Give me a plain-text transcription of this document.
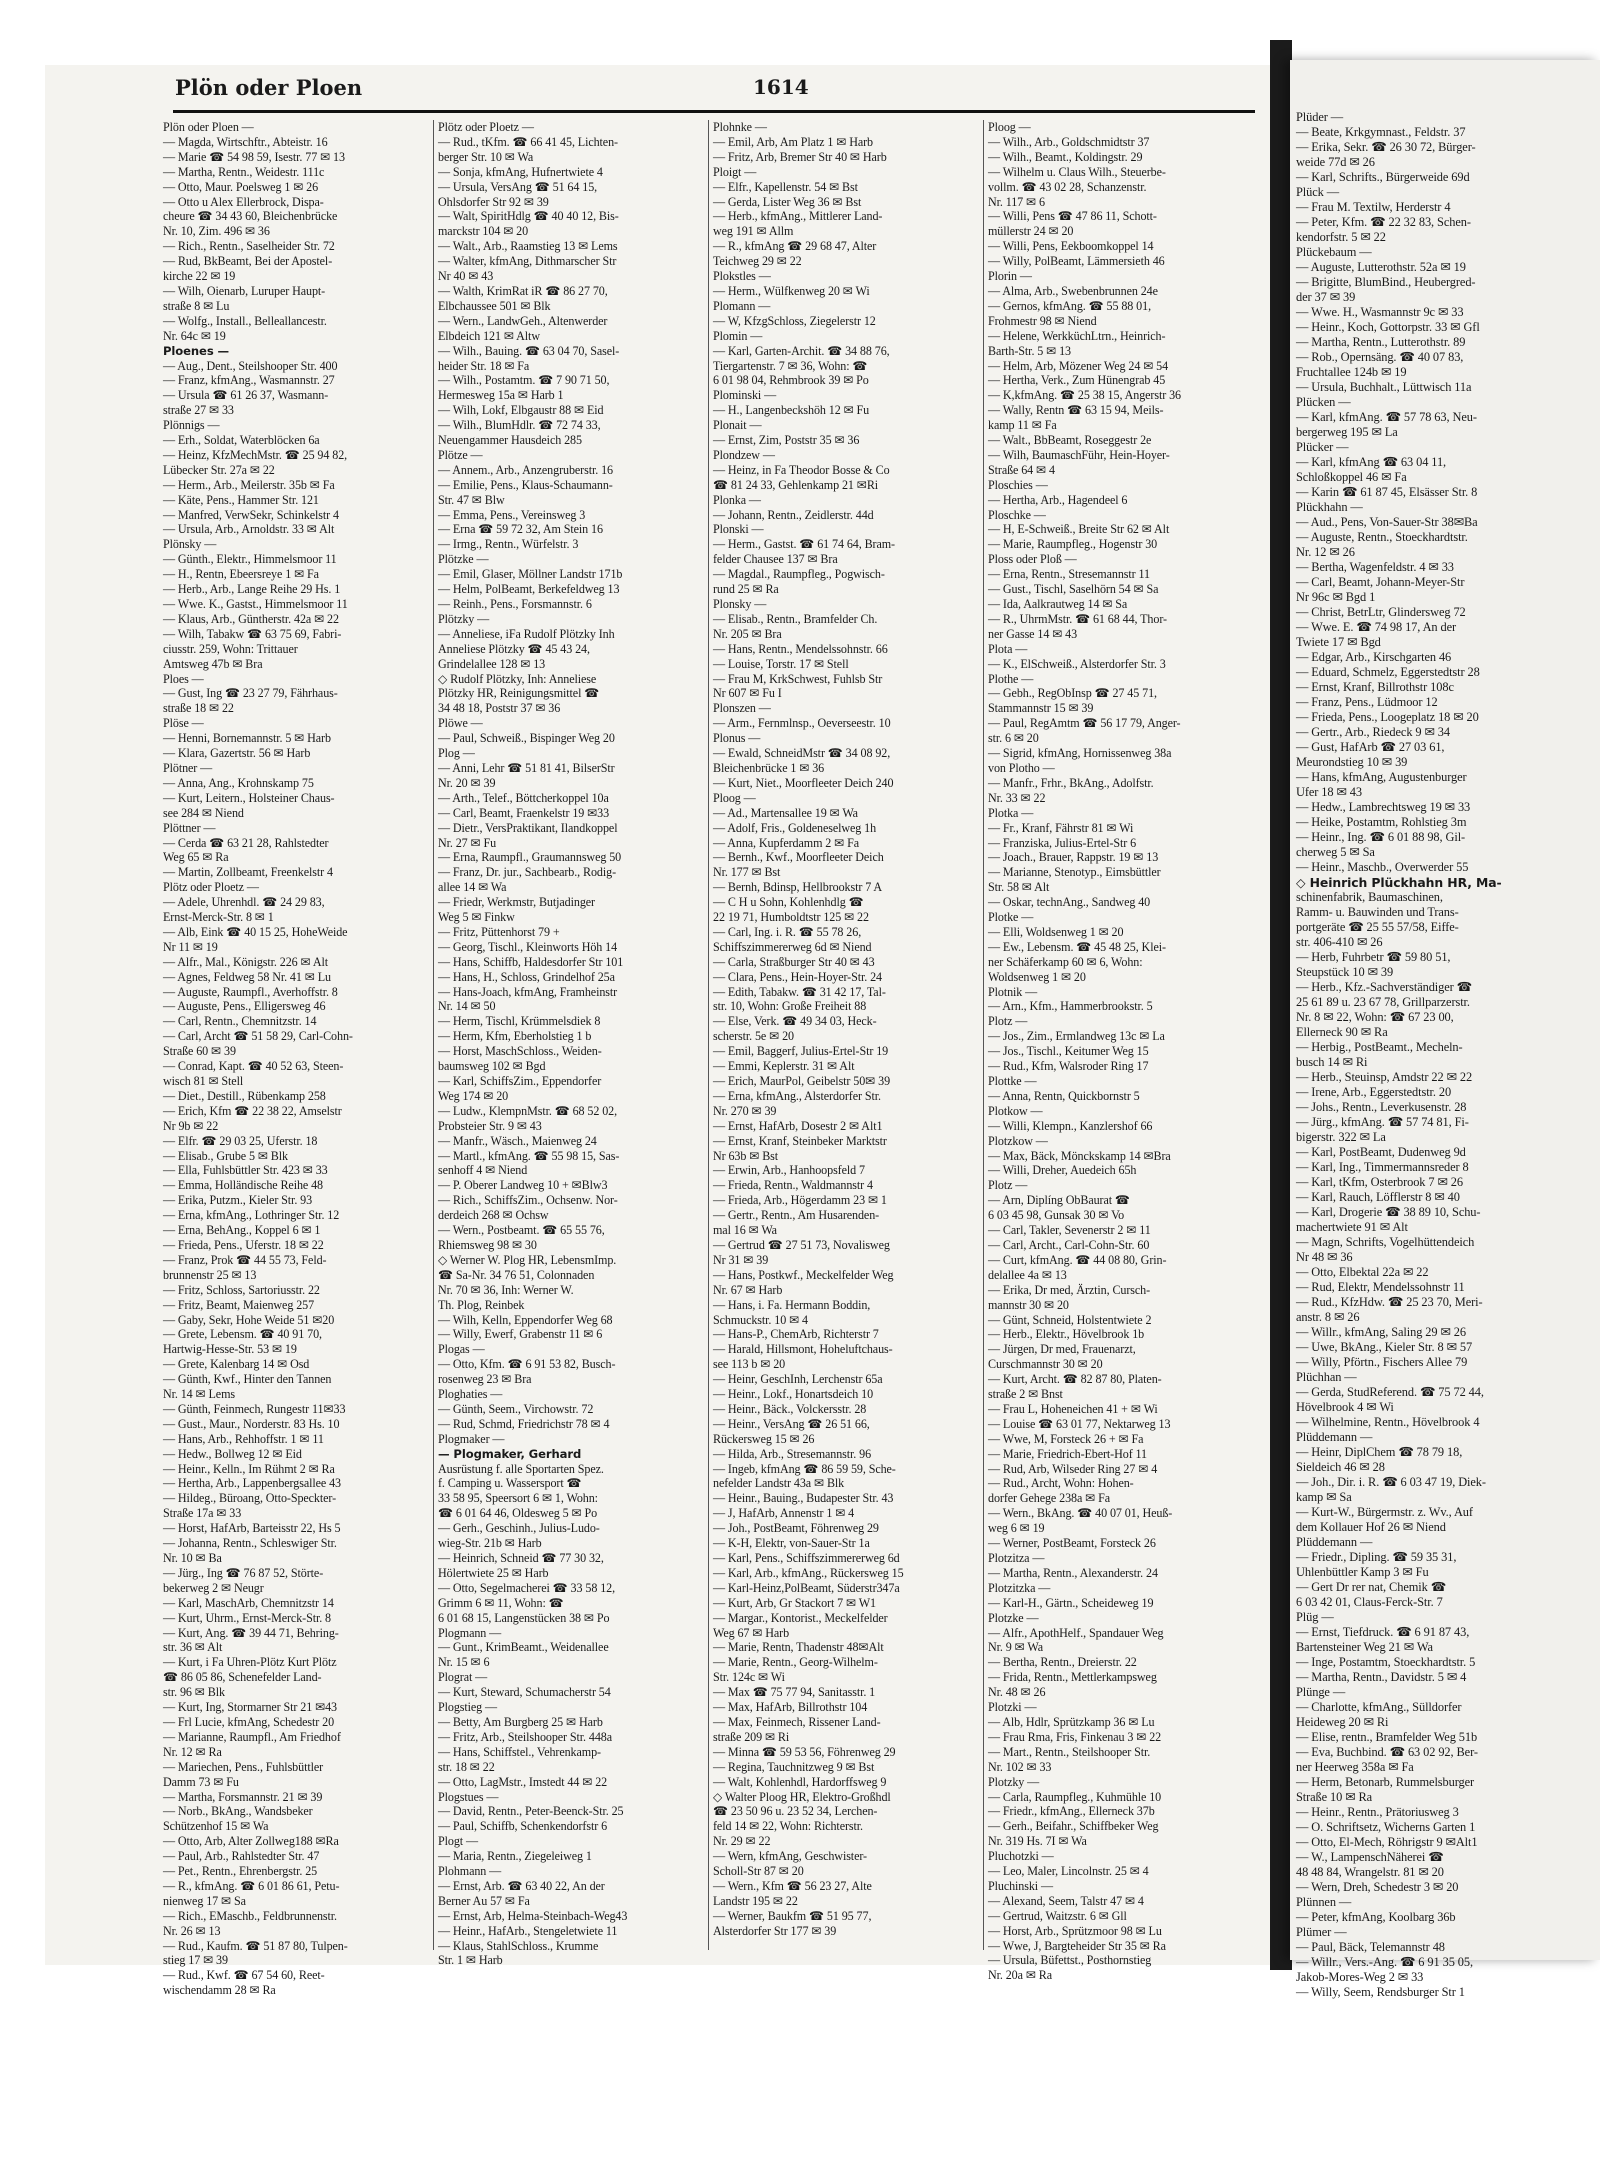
Plön oder Ploen	1614
Plön oder Ploen —
— Magda, Wirtschftr., Abteistr. 16
— Marie ☎ 54 98 59, Isestr. 77 ✉ 13
— Martha, Rentn., Weidestr. 111c
— Otto, Maur. Poelsweg 1 ✉ 26
— Otto u Alex Ellerbrock, Dispa-
cheure ☎ 34 43 60, Bleichenbrücke
Nr. 10, Zim. 496 ✉ 36
— Rich., Rentn., Saselheider Str. 72
— Rud, BkBeamt, Bei der Apostel-
kirche 22 ✉ 19
— Wilh, Oienarb, Luruper Haupt-
straße 8 ✉ Lu
— Wolfg., Install., Belleallancestr.
Nr. 64c ✉ 19
Ploenes —
— Aug., Dent., Steilshooper Str. 400
— Franz, kfmAng., Wasmannstr. 27
— Ursula ☎ 61 26 37, Wasmann-
straße 27 ✉ 33
Plönnigs —
— Erh., Soldat, Waterblöcken 6a
— Heinz, KfzMechMstr. ☎ 25 94 82,
Lübecker Str. 27a ✉ 22
— Herm., Arb., Meilerstr. 35b ✉ Fa
— Käte, Pens., Hammer Str. 121
— Manfred, VerwSekr, Schinkelstr 4
— Ursula, Arb., Arnoldstr. 33 ✉ Alt
Plönsky —
— Günth., Elektr., Himmelsmoor 11
— H., Rentn, Ebeersreye 1 ✉ Fa
— Herb., Arb., Lange Reihe 29 Hs. 1
— Wwe. K., Gastst., Himmelsmoor 11
— Klaus, Arb., Güntherstr. 42a ✉ 22
— Wilh, Tabakw ☎ 63 75 69, Fabri-
ciusstr. 259, Wohn: Trittauer
Amtsweg 47b ✉ Bra
Ploes —
— Gust, Ing ☎ 23 27 79, Fährhaus-
straße 18 ✉ 22
Plöse —
— Henni, Bornemannstr. 5 ✉ Harb
— Klara, Gazertstr. 56 ✉ Harb
Plötner —
— Anna, Ang., Krohnskamp 75
— Kurt, Leitern., Holsteiner Chaus-
see 284 ✉ Niend
Plöttner —
— Cerda ☎ 63 21 28, Rahlstedter
Weg 65 ✉ Ra
— Martin, Zollbeamt, Freenkelstr 4
Plötz oder Ploetz —
— Adele, Uhrenhdl. ☎ 24 29 83,
Ernst-Merck-Str. 8 ✉ 1
— Alb, Eink ☎ 40 15 25, HoheWeide
Nr 11 ✉ 19
— Alfr., Mal., Königstr. 226 ✉ Alt
— Agnes, Feldweg 58 Nr. 41 ✉ Lu
— Auguste, Raumpfl., Averhoffstr. 8
— Auguste, Pens., Elligersweg 46
— Carl, Rentn., Chemnitzstr. 14
— Carl, Archt ☎ 51 58 29, Carl-Cohn-
Straße 60 ✉ 39
— Conrad, Kapt. ☎ 40 52 63, Steen-
wisch 81 ✉ Stell
— Diet., Destill., Rübenkamp 258
— Erich, Kfm ☎ 22 38 22, Amselstr
Nr 9b ✉ 22
— Elfr. ☎ 29 03 25, Uferstr. 18
— Elisab., Grube 5 ✉ Blk
— Ella, Fuhlsbüttler Str. 423 ✉ 33
— Emma, Holländische Reihe 48
— Erika, Putzm., Kieler Str. 93
— Erna, kfmAng., Lothringer Str. 12
— Erna, BehAng., Koppel 6 ✉ 1
— Frieda, Pens., Uferstr. 18 ✉ 22
— Franz, Prok ☎ 44 55 73, Feld-
brunnenstr 25 ✉ 13
— Fritz, Schloss, Sartoriusstr. 22
— Fritz, Beamt, Maienweg 257
— Gaby, Sekr, Hohe Weide 51 ✉20
— Grete, Lebensm. ☎ 40 91 70,
Hartwig-Hesse-Str. 53 ✉ 19
— Grete, Kalenbarg 14 ✉ Osd
— Günth, Kwf., Hinter den Tannen
Nr. 14 ✉ Lems
— Günth, Feinmech, Rungestr 11✉33
— Gust., Maur., Norderstr. 83 Hs. 10
— Hans, Arb., Rehhoffstr. 1 ✉ 11
— Hedw., Bollweg 12 ✉ Eid
— Heinr., Kelln., Im Rühmt 2 ✉ Ra
— Hertha, Arb., Lappenbergsallee 43
— Hildeg., Büroang, Otto-Speckter-
Straße 17a ✉ 33
— Horst, HafArb, Barteisstr 22, Hs 5
— Johanna, Rentn., Schleswiger Str.
Nr. 10 ✉ Ba
— Jürg., Ing ☎ 76 87 52, Störte-
bekerweg 2 ✉ Neugr
— Karl, MaschArb, Chemnitzstr 14
— Kurt, Uhrm., Ernst-Merck-Str. 8
— Kurt, Ang. ☎ 39 44 71, Behring-
str. 36 ✉ Alt
— Kurt, i Fa Uhren-Plötz Kurt Plötz
☎ 86 05 86, Schenefelder Land-
str. 96 ✉ Blk
— Kurt, Ing, Stormarner Str 21 ✉43
— Frl Lucie, kfmAng, Schedestr 20
— Marianne, Raumpfl., Am Friedhof
Nr. 12 ✉ Ra
— Mariechen, Pens., Fuhlsbüttler
Damm 73 ✉ Fu
— Martha, Forsmannstr. 21 ✉ 39
— Norb., BkAng., Wandsbeker
Schützenhof 15 ✉ Wa
— Otto, Arb, Alter Zollweg188 ✉Ra
— Paul, Arb., Rahlstedter Str. 47
— Pet., Rentn., Ehrenbergstr. 25
— R., kfmAng. ☎ 6 01 86 61, Petu-
nienweg 17 ✉ Sa
— Rich., EMaschb., Feldbrunnenstr.
Nr. 26 ✉ 13
— Rud., Kaufm. ☎ 51 87 80, Tulpen-
stieg 17 ✉ 39
— Rud., Kwf. ☎ 67 54 60, Reet-
wischendamm 28 ✉ Ra
Plötz oder Ploetz —
— Rud., tKfm. ☎ 66 41 45, Lichten-
berger Str. 10 ✉ Wa
— Sonja, kfmAng, Hufnertwiete 4
— Ursula, VersAng ☎ 51 64 15,
Ohlsdorfer Str 92 ✉ 39
— Walt, SpiritHdlg ☎ 40 40 12, Bis-
marckstr 104 ✉ 20
— Walt., Arb., Raamstieg 13 ✉ Lems
— Walter, kfmAng, Dithmarscher Str
Nr 40 ✉ 43
— Walth, KrimRat iR ☎ 86 27 70,
Elbchaussee 501 ✉ Blk
— Wern., LandwGeh., Altenwerder
Elbdeich 121 ✉ Altw
— Wilh., Bauing. ☎ 63 04 70, Sasel-
heider Str. 18 ✉ Fa
— Wilh., Postamtm. ☎ 7 90 71 50,
Hermesweg 15a ✉ Harb 1
— Wilh, Lokf, Elbgaustr 88 ✉ Eid
— Wilh., BlumHdlr. ☎ 72 74 33,
Neuengammer Hausdeich 285
Plötze —
— Annem., Arb., Anzengruberstr. 16
— Emilie, Pens., Klaus-Schaumann-
Str. 47 ✉ Blw
— Emma, Pens., Vereinsweg 3
— Erna ☎ 59 72 32, Am Stein 16
— Irmg., Rentn., Würfelstr. 3
Plötzke —
— Emil, Glaser, Möllner Landstr 171b
— Helm, PolBeamt, Berkefeldweg 13
— Reinh., Pens., Forsmannstr. 6
Plötzky —
— Anneliese, iFa Rudolf Plötzky Inh
Anneliese Plötzky ☎ 45 43 24,
Grindelallee 128 ✉ 13
◇ Rudolf Plötzky, Inh: Anneliese
Plötzky HR, Reinigungsmittel ☎
34 48 18, Poststr 37 ✉ 36
Plöwe —
— Paul, Schweiß., Bispinger Weg 20
Plog —
— Anni, Lehr ☎ 51 81 41, BilserStr
Nr. 20 ✉ 39
— Arth., Telef., Böttcherkoppel 10a
— Carl, Beamt, Fraenkelstr 19 ✉33
— Dietr., VersPraktikant, Ilandkoppel
Nr. 27 ✉ Fu
— Erna, Raumpfl., Graumannsweg 50
— Franz, Dr. jur., Sachbearb., Rodig-
allee 14 ✉ Wa
— Friedr, Werkmstr, Butjadinger
Weg 5 ✉ Finkw
— Fritz, Püttenhorst 79 +
— Georg, Tischl., Kleinworts Höh 14
— Hans, Schiffb, Haldesdorfer Str 101
— Hans, H., Schloss, Grindelhof 25a
— Hans-Joach, kfmAng, Framheinstr
Nr. 14 ✉ 50
— Herm, Tischl, Krümmelsdiek 8
— Herm, Kfm, Eberholstieg 1 b
— Horst, MaschSchloss., Weiden-
baumsweg 102 ✉ Bgd
— Karl, SchiffsZim., Eppendorfer
Weg 174 ✉ 20
— Ludw., KlempnMstr. ☎ 68 52 02,
Probsteier Str. 9 ✉ 43
— Manfr., Wäsch., Maienweg 24
— Martl., kfmAng. ☎ 55 98 15, Sas-
senhoff 4 ✉ Niend
— P. Oberer Landweg 10 + ✉Blw3
— Rich., SchiffsZim., Ochsenw. Nor-
derdeich 268 ✉ Ochsw
— Wern., Postbeamt. ☎ 65 55 76,
Rhiemsweg 98 ✉ 30
◇ Werner W. Plog HR, LebensmImp.
☎ Sa-Nr. 34 76 51, Colonnaden
Nr. 70 ✉ 36, Inh: Werner W.
Th. Plog, Reinbek
— Wilh, Kelln, Eppendorfer Weg 68
— Willy, Ewerf, Grabenstr 11 ✉ 6
Plogas —
— Otto, Kfm. ☎ 6 91 53 82, Busch-
rosenweg 23 ✉ Bra
Ploghaties —
— Günth, Seem., Virchowstr. 72
— Rud, Schmd, Friedrichstr 78 ✉ 4
Plogmaker —
— Plogmaker, Gerhard
Ausrüstung f. alle Sportarten Spez.
f. Camping u. Wassersport ☎
33 58 95, Speersort 6 ✉ 1, Wohn:
☎ 6 01 64 46, Oldesweg 5 ✉ Po
— Gerh., Geschinh., Julius-Ludo-
wieg-Str. 21b ✉ Harb
— Heinrich, Schneid ☎ 77 30 32,
Hölertwiete 25 ✉ Harb
— Otto, Segelmacherei ☎ 33 58 12,
Grimm 6 ✉ 11, Wohn: ☎
6 01 68 15, Langenstücken 38 ✉ Po
Plogmann —
— Gunt., KrimBeamt., Weidenallee
Nr. 15 ✉ 6
Plograt —
— Kurt, Steward, Schumacherstr 54
Plogstieg —
— Betty, Am Burgberg 25 ✉ Harb
— Fritz, Arb., Steilshooper Str. 448a
— Hans, Schiffstel., Vehrenkamp-
str. 18 ✉ 22
— Otto, LagMstr., Imstedt 44 ✉ 22
Plogstues —
— David, Rentn., Peter-Beenck-Str. 25
— Paul, Schiffb, Schenkendorfstr 6
Plogt —
— Maria, Rentn., Ziegeleiweg 1
Plohmann —
— Ernst, Arb. ☎ 63 40 22, An der
Berner Au 57 ✉ Fa
— Ernst, Arb, Helma-Steinbach-Weg43
— Heinr., HafArb., Stengeletwiete 11
— Klaus, StahlSchloss., Krumme
Str. 1 ✉ Harb
Plohnke —
— Emil, Arb, Am Platz 1 ✉ Harb
— Fritz, Arb, Bremer Str 40 ✉ Harb
Ploigt —
— Elfr., Kapellenstr. 54 ✉ Bst
— Gerda, Lister Weg 36 ✉ Bst
— Herb., kfmAng., Mittlerer Land-
weg 191 ✉ Allm
— R., kfmAng ☎ 29 68 47, Alter
Teichweg 29 ✉ 22
Plokstles —
— Herm., Wülfkenweg 20 ✉ Wi
Plomann —
— W, KfzgSchloss, Ziegelerstr 12
Plomin —
— Karl, Garten-Archit. ☎ 34 88 76,
Tiergartenstr. 7 ✉ 36, Wohn: ☎
6 01 98 04, Rehmbrook 39 ✉ Po
Plominski —
— H., Langenbeckshöh 12 ✉ Fu
Plonait —
— Ernst, Zim, Poststr 35 ✉ 36
Plondzew —
— Heinz, in Fa Theodor Bosse & Co
☎ 81 24 33, Gehlenkamp 21 ✉Ri
Plonka —
— Johann, Rentn., Zeidlerstr. 44d
Plonski —
— Herm., Gastst. ☎ 61 74 64, Bram-
felder Chausee 137 ✉ Bra
— Magdal., Raumpfleg., Pogwisch-
rund 25 ✉ Ra
Plonsky —
— Elisab., Rentn., Bramfelder Ch.
Nr. 205 ✉ Bra
— Hans, Rentn., Mendelssohnstr. 66
— Louise, Torstr. 17 ✉ Stell
— Frau M, KrkSchwest, Fuhlsb Str
Nr 607 ✉ Fu I
Plonszen —
— Arm., Fernmlnsp., Oeverseestr. 10
Plonus —
— Ewald, SchneidMstr ☎ 34 08 92,
Bleichenbrücke 1 ✉ 36
— Kurt, Niet., Moorfleeter Deich 240
Ploog —
— Ad., Martensallee 19 ✉ Wa
— Adolf, Fris., Goldeneselweg 1h
— Anna, Kupferdamm 2 ✉ Fa
— Bernh., Kwf., Moorfleeter Deich
Nr. 177 ✉ Bst
— Bernh, Bdinsp, Hellbrookstr 7 A
— C H u Sohn, Kohlenhdlg ☎
22 19 71, Humboldtstr 125 ✉ 22
— Carl, Ing. i. R. ☎ 55 78 26,
Schiffszimmererweg 6d ✉ Niend
— Carla, Straßburger Str 40 ✉ 43
— Clara, Pens., Hein-Hoyer-Str. 24
— Edith, Tabakw. ☎ 31 42 17, Tal-
str. 10, Wohn: Große Freiheit 88
— Else, Verk. ☎ 49 34 03, Heck-
scherstr. 5e ✉ 20
— Emil, Baggerf, Julius-Ertel-Str 19
— Emmi, Keplerstr. 31 ✉ Alt
— Erich, MaurPol, Geibelstr 50✉ 39
— Erna, kfmAng., Alsterdorfer Str.
Nr. 270 ✉ 39
— Ernst, HafArb, Dosestr 2 ✉ Alt1
— Ernst, Kranf, Steinbeker Marktstr
Nr 63b ✉ Bst
— Erwin, Arb., Hanhoopsfeld 7
— Frieda, Rentn., Waldmannstr 4
— Frieda, Arb., Högerdamm 23 ✉ 1
— Gertr., Rentn., Am Husarenden-
mal 16 ✉ Wa
— Gertrud ☎ 27 51 73, Novalisweg
Nr 31 ✉ 39
— Hans, Postkwf., Meckelfelder Weg
Nr. 67 ✉ Harb
— Hans, i. Fa. Hermann Boddin,
Schmuckstr. 10 ✉ 4
— Hans-P., ChemArb, Richterstr 7
— Harald, Hillsmont, Hoheluftchaus-
see 113 b ✉ 20
— Heinr, GeschInh, Lerchenstr 65a
— Heinr., Lokf., Honartsdeich 10
— Heinr., Bäck., Volckersstr. 28
— Heinr., VersAng ☎ 26 51 66,
Rückersweg 15 ✉ 26
— Hilda, Arb., Stresemannstr. 96
— Ingeb, kfmAng ☎ 86 59 59, Sche-
nefelder Landstr 43a ✉ Blk
— Heinr., Bauing., Budapester Str. 43
— J, HafArb, Annenstr 1 ✉ 4
— Joh., PostBeamt, Föhrenweg 29
— K-H, Elektr, von-Sauer-Str 1a
— Karl, Pens., Schiffszimmererweg 6d
— Karl, Arb., kfmAng., Rückersweg 15
— Karl-Heinz,PolBeamt, Süderstr347a
— Kurt, Arb, Gr Stackort 7 ✉ W1
— Margar., Kontorist., Meckelfelder
Weg 67 ✉ Harb
— Marie, Rentn, Thadenstr 48✉Alt
— Marie, Rentn., Georg-Wilhelm-
Str. 124c ✉ Wi
— Max ☎ 75 77 94, Sanitasstr. 1
— Max, HafArb, Billrothstr 104
— Max, Feinmech, Rissener Land-
straße 209 ✉ Ri
— Minna ☎ 59 53 56, Föhrenweg 29
— Regina, Tauchnitzweg 9 ✉ Bst
— Walt, Kohlenhdl, Hardorffsweg 9
◇ Walter Ploog HR, Elektro-Großhdl
☎ 23 50 96 u. 23 52 34, Lerchen-
feld 14 ✉ 22, Wohn: Richterstr.
Nr. 29 ✉ 22
— Wern, kfmAng, Geschwister-
Scholl-Str 87 ✉ 20
— Wern., Kfm ☎ 56 23 27, Alte
Landstr 195 ✉ 22
— Werner, Baukfm ☎ 51 95 77,
Alsterdorfer Str 177 ✉ 39
Ploog —
— Wilh., Arb., Goldschmidtstr 37
— Wilh., Beamt., Koldingstr. 29
— Wilhelm u. Claus Wilh., Steuerbe-
vollm. ☎ 43 02 28, Schanzenstr.
Nr. 117 ✉ 6
— Willi, Pens ☎ 47 86 11, Schott-
müllerstr 24 ✉ 20
— Willi, Pens, Eekboomkoppel 14
— Willy, PolBeamt, Lämmersieth 46
Plorin —
— Alma, Arb., Swebenbrunnen 24e
— Gernos, kfmAng. ☎ 55 88 01,
Frohmestr 98 ✉ Niend
— Helene, WerkküchLtrn., Heinrich-
Barth-Str. 5 ✉ 13
— Helm, Arb, Mözener Weg 24 ✉ 54
— Hertha, Verk., Zum Hünengrab 45
— K,kfmAng. ☎ 25 38 15, Angerstr 36
— Wally, Rentn ☎ 63 15 94, Meils-
kamp 11 ✉ Fa
— Walt., BbBeamt, Roseggestr 2e
— Wilh, BaumaschFühr, Hein-Hoyer-
Straße 64 ✉ 4
Ploschies —
— Hertha, Arb., Hagendeel 6
Ploschke —
— H, E-Schweiß., Breite Str 62 ✉ Alt
— Marie, Raumpfleg., Hogenstr 30
Ploss oder Ploß —
— Erna, Rentn., Stresemannstr 11
— Gust., Tischl, Saselhörn 54 ✉ Sa
— Ida, Aalkrautweg 14 ✉ Sa
— R., UhrmMstr. ☎ 61 68 44, Thor-
ner Gasse 14 ✉ 43
Plota —
— K., ElSchweiß., Alsterdorfer Str. 3
Plothe —
— Gebh., RegObInsp ☎ 27 45 71,
Stammannstr 15 ✉ 39
— Paul, RegAmtm ☎ 56 17 79, Anger-
str. 6 ✉ 20
— Sigrid, kfmAng, Hornissenweg 38a
von Plotho —
— Manfr., Frhr., BkAng., Adolfstr.
Nr. 33 ✉ 22
Plotka —
— Fr., Kranf, Fährstr 81 ✉ Wi
— Franziska, Julius-Ertel-Str 6
— Joach., Brauer, Rappstr. 19 ✉ 13
— Marianne, Stenotyp., Eimsbüttler
Str. 58 ✉ Alt
— Oskar, technAng., Sandweg 40
Plotke —
— Elli, Woldsenweg 1 ✉ 20
— Ew., Lebensm. ☎ 45 48 25, Klei-
ner Schäferkamp 60 ✉ 6, Wohn:
Woldsenweg 1 ✉ 20
Plotnik —
— Arn., Kfm., Hammerbrookstr. 5
Plotz —
— Jos., Zim., Ermlandweg 13c ✉ La
— Jos., Tischl., Keitumer Weg 15
— Rud., Kfm, Walsroder Ring 17
Plottke —
— Anna, Rentn, Quickbornstr 5
Plotkow —
— Willi, Klempn., Kanzlershof 66
Plotzkow —
— Max, Bäck, Mönckskamp 14 ✉Bra
— Willi, Dreher, Auedeich 65h
Plotz —
— Arn, Diplíng ObBaurat ☎
6 03 45 98, Gunsak 30 ✉ Vo
— Carl, Takler, Sevenerstr 2 ✉ 11
— Carl, Archt., Carl-Cohn-Str. 60
— Curt, kfmAng. ☎ 44 08 80, Grin-
delallee 4a ✉ 13
— Erika, Dr med, Ärztin, Cursch-
mannstr 30 ✉ 20
— Günt, Schneid, Holstentwiete 2
— Herb., Elektr., Hövelbrook 1b
— Jürgen, Dr med, Frauenarzt,
Curschmannstr 30 ✉ 20
— Kurt, Archt. ☎ 82 87 80, Platen-
straße 2 ✉ Bnst
— Frau L, Hoheneichen 41 + ✉ Wi
— Louise ☎ 63 01 77, Nektarweg 13
— Wwe, M, Forsteck 26 + ✉ Fa
— Marie, Friedrich-Ebert-Hof 11
— Rud, Arb, Wilseder Ring 27 ✉ 4
— Rud., Archt, Wohn: Hohen-
dorfer Gehege 238a ✉ Fa
— Wern., BkAng. ☎ 40 07 01, Heuß-
weg 6 ✉ 19
— Werner, PostBeamt, Forsteck 26
Plotzitza —
— Martha, Rentn., Alexanderstr. 24
Plotzitzka —
— Karl-H., Gärtn., Scheideweg 19
Plotzke —
— Alfr., ApothHelf., Spandauer Weg
Nr. 9 ✉ Wa
— Bertha, Rentn., Dreierstr. 22
— Frida, Rentn., Mettlerkampsweg
Nr. 48 ✉ 26
Plotzki —
— Alb, Hdlr, Sprützkamp 36 ✉ Lu
— Frau Rma, Fris, Finkenau 3 ✉ 22
— Mart., Rentn., Steilshooper Str.
Nr. 102 ✉ 33
Plotzky —
— Carla, Raumpfleg., Kuhmühle 10
— Friedr., kfmAng., Ellerneck 37b
— Gerh., Beifahr., Schiffbeker Weg
Nr. 319 Hs. 7I ✉ Wa
Pluchotzki —
— Leo, Maler, Lincolnstr. 25 ✉ 4
Pluchinski —
— Alexand, Seem, Talstr 47 ✉ 4
— Gertrud, Waitzstr. 6 ✉ Gll
— Horst, Arb., Sprützmoor 98 ✉ Lu
— Wwe, J, Bargteheider Str 35 ✉ Ra
— Ursula, Büfettst., Posthornstieg
Nr. 20a ✉ Ra
Plüder —
— Beate, Krkgymnast., Feldstr. 37
— Erika, Sekr. ☎ 26 30 72, Bürger-
weide 77d ✉ 26
— Karl, Schrifts., Bürgerweide 69d
Plück —
— Frau M. Textilw, Herderstr 4
— Peter, Kfm. ☎ 22 32 83, Schen-
kendorfstr. 5 ✉ 22
Plückebaum —
— Auguste, Lutterothstr. 52a ✉ 19
— Brigitte, BlumBind., Heubergred-
der 37 ✉ 39
— Wwe. H., Wasmannstr 9c ✉ 33
— Heinr., Koch, Gottorpstr. 33 ✉ Gfl
— Martha, Rentn., Lutterothstr. 89
— Rob., Opernsäng. ☎ 40 07 83,
Fruchtallee 124b ✉ 19
— Ursula, Buchhalt., Lüttwisch 11a
Plücken —
— Karl, kfmAng. ☎ 57 78 63, Neu-
bergerweg 195 ✉ La
Plücker —
— Karl, kfmAng ☎ 63 04 11,
Schloßkoppel 46 ✉ Fa
— Karin ☎ 61 87 45, Elsässer Str. 8
Plückhahn —
— Aud., Pens, Von-Sauer-Str 38✉Ba
— Auguste, Rentn., Stoeckhardtstr.
Nr. 12 ✉ 26
— Bertha, Wagenfeldstr. 4 ✉ 33
— Carl, Beamt, Johann-Meyer-Str
Nr 96c ✉ Bgd 1
— Christ, BetrLtr, Glindersweg 72
— Wwe. E. ☎ 74 98 17, An der
Twiete 17 ✉ Bgd
— Edgar, Arb., Kirschgarten 46
— Eduard, Schmelz, Eggerstedtstr 28
— Ernst, Kranf, Billrothstr 108c
— Franz, Pens., Lüdmoor 12
— Frieda, Pens., Loogeplatz 18 ✉ 20
— Gertr., Arb., Riedeck 9 ✉ 34
— Gust, HafArb ☎ 27 03 61,
Meurondstieg 10 ✉ 39
— Hans, kfmAng, Augustenburger
Ufer 18 ✉ 43
— Hedw., Lambrechtsweg 19 ✉ 33
— Heike, Postamtm, Rohlstieg 3m
— Heinr., Ing. ☎ 6 01 88 98, Gil-
cherweg 5 ✉ Sa
— Heinr., Maschb., Overwerder 55
◇ Heinrich Plückhahn HR, Ma-
schinenfabrik, Baumaschinen,
Ramm- u. Bauwinden und Trans-
portgeräte ☎ 25 55 57/58, Eiffe-
str. 406-410 ✉ 26
— Herb, Fuhrbetr ☎ 59 80 51,
Steupstück 10 ✉ 39
— Herb., Kfz.-Sachverständiger ☎
25 61 89 u. 23 67 78, Grillparzerstr.
Nr. 8 ✉ 22, Wohn: ☎ 67 23 00,
Ellerneck 90 ✉ Ra
— Herbig., PostBeamt., Mecheln-
busch 14 ✉ Ri
— Herb., Steuinsp, Amdstr 22 ✉ 22
— Irene, Arb., Eggerstedtstr. 20
— Johs., Rentn., Leverkusenstr. 28
— Jürg., kfmAng. ☎ 57 74 81, Fi-
bigerstr. 322 ✉ La
— Karl, PostBeamt, Dudenweg 9d
— Karl, Ing., Timmermannsreder 8
— Karl, tKfm, Osterbrook 7 ✉ 26
— Karl, Rauch, Löfflerstr 8 ✉ 40
— Karl, Drogerie ☎ 38 89 10, Schu-
machertwiete 91 ✉ Alt
— Magn, Schrifts, Vogelhüttendeich
Nr 48 ✉ 36
— Otto, Elbektal 22a ✉ 22
— Rud, Elektr, Mendelssohnstr 11
— Rud., KfzHdw. ☎ 25 23 70, Meri-
anstr. 8 ✉ 26
— Willr., kfmAng, Saling 29 ✉ 26
— Uwe, BkAng., Kieler Str. 8 ✉ 57
— Willy, Pförtn., Fischers Allee 79
Plüchhan —
— Gerda, StudReferend. ☎ 75 72 44,
Hövelbrook 4 ✉ Wi
— Wilhelmine, Rentn., Hövelbrook 4
Plüddemann —
— Heinr, DiplChem ☎ 78 79 18,
Sieldeich 46 ✉ 28
— Joh., Dir. i. R. ☎ 6 03 47 19, Diek-
kamp ✉ Sa
— Kurt-W., Bürgermstr. z. Wv., Auf
dem Kollauer Hof 26 ✉ Niend
Plüddemann —
— Friedr., Dipling. ☎ 59 35 31,
Uhlenbüttler Kamp 3 ✉ Fu
— Gert Dr rer nat, Chemik ☎
6 03 42 01, Claus-Ferck-Str. 7
Plüg —
— Ernst, Tiefdruck. ☎ 6 91 87 43,
Bartensteiner Weg 21 ✉ Wa
— Inge, Postamtm, Stoeckhardtstr. 5
— Martha, Rentn., Davidstr. 5 ✉ 4
Plünge —
— Charlotte, kfmAng., Sülldorfer
Heideweg 20 ✉ Ri
— Elise, rentn., Bramfelder Weg 51b
— Eva, Buchbind. ☎ 63 02 92, Ber-
ner Heerweg 358a ✉ Fa
— Herm, Betonarb, Rummelsburger
Straße 10 ✉ Ra
— Heinr., Rentn., Prätoriusweg 3
— O. Schriftsetz, Wicherns Garten 1
— Otto, El-Mech, Röhrigstr 9 ✉Alt1
— W., LampenschNäherei ☎
48 48 84, Wrangelstr. 81 ✉ 20
— Wern, Dreh, Schedestr 3 ✉ 20
Plünnen —
— Peter, kfmAng, Koolbarg 36b
Plümer —
— Paul, Bäck, Telemannstr 48
— Willr., Vers.-Ang. ☎ 6 91 35 05,
Jakob-Mores-Weg 2 ✉ 33
— Willy, Seem, Rendsburger Str 1
